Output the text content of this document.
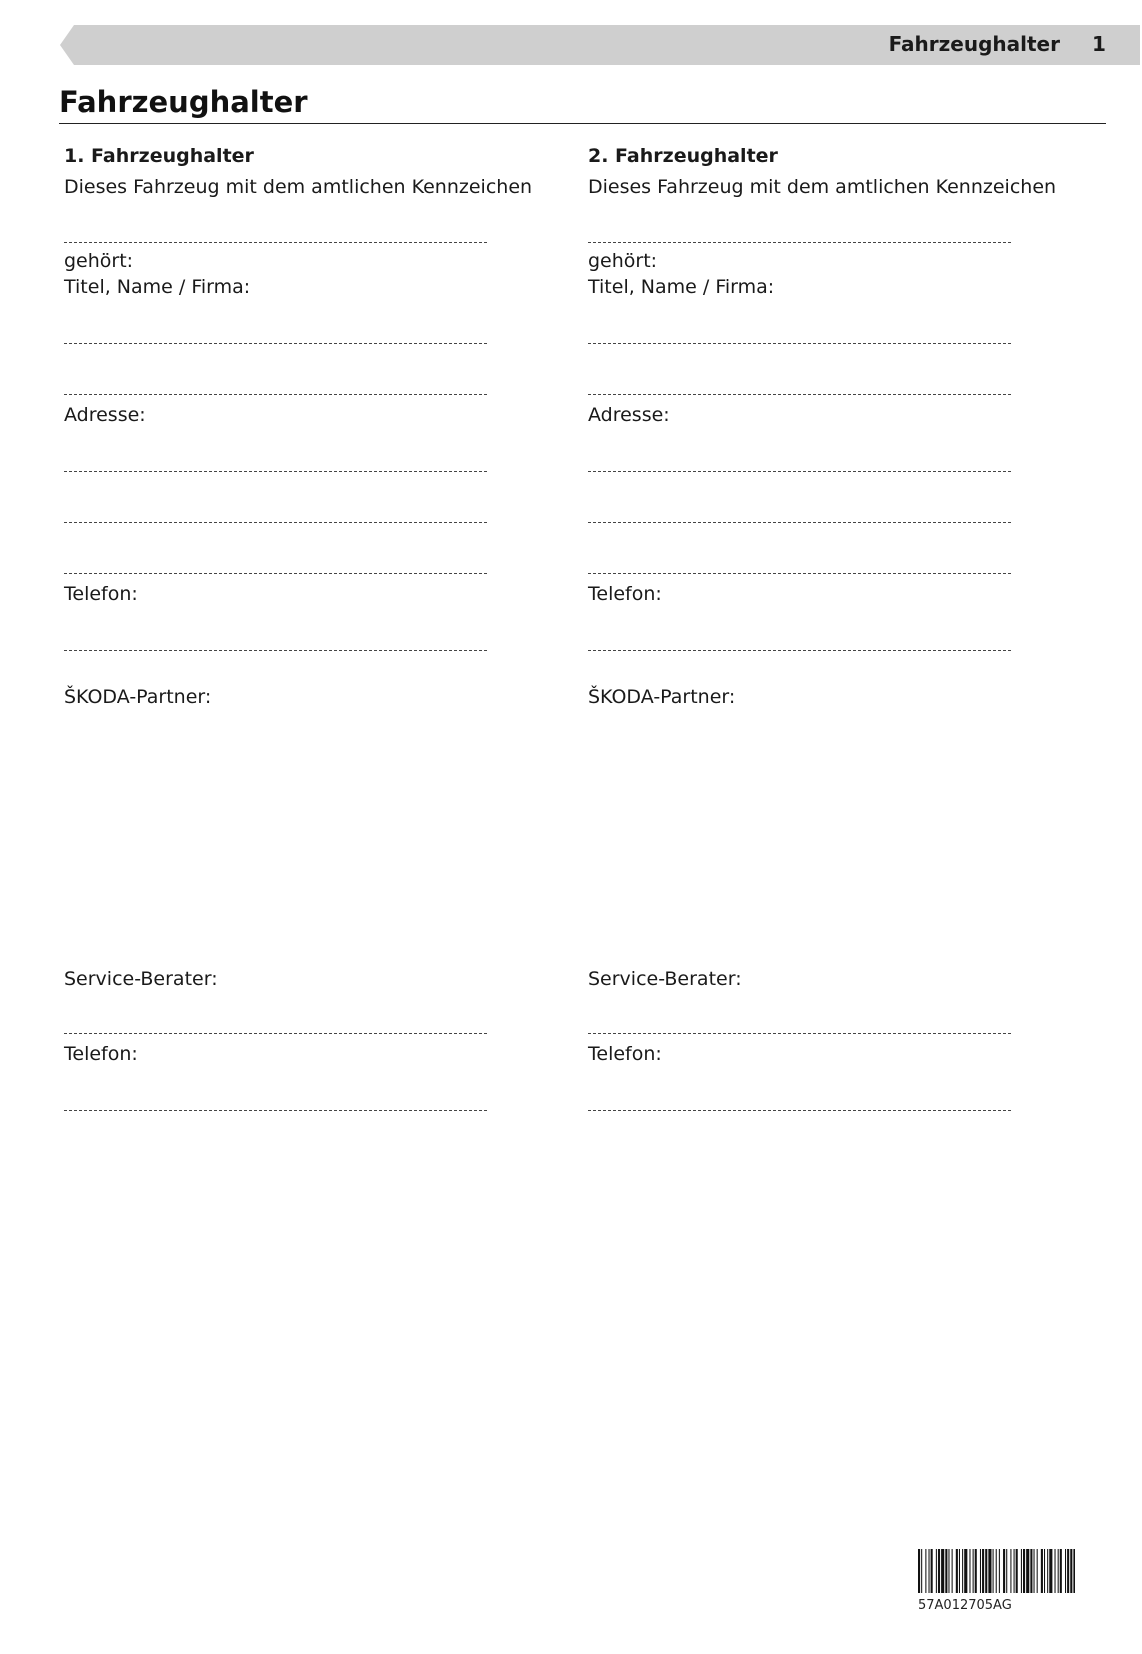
Fahrzeughalter 1
Fahrzeughalter
1. Fahrzeughalter
Dieses Fahrzeug mit dem amtlichen Kennzeichen
gehört:
Titel, Name / Firma:
Adresse:
Telefon:
ŠKODA-Partner:
Service-Berater:
Telefon:
2. Fahrzeughalter
Dieses Fahrzeug mit dem amtlichen Kennzeichen
gehört:
Titel, Name / Firma:
Adresse:
Telefon:
ŠKODA-Partner:
Service-Berater:
Telefon:
57A012705AG
